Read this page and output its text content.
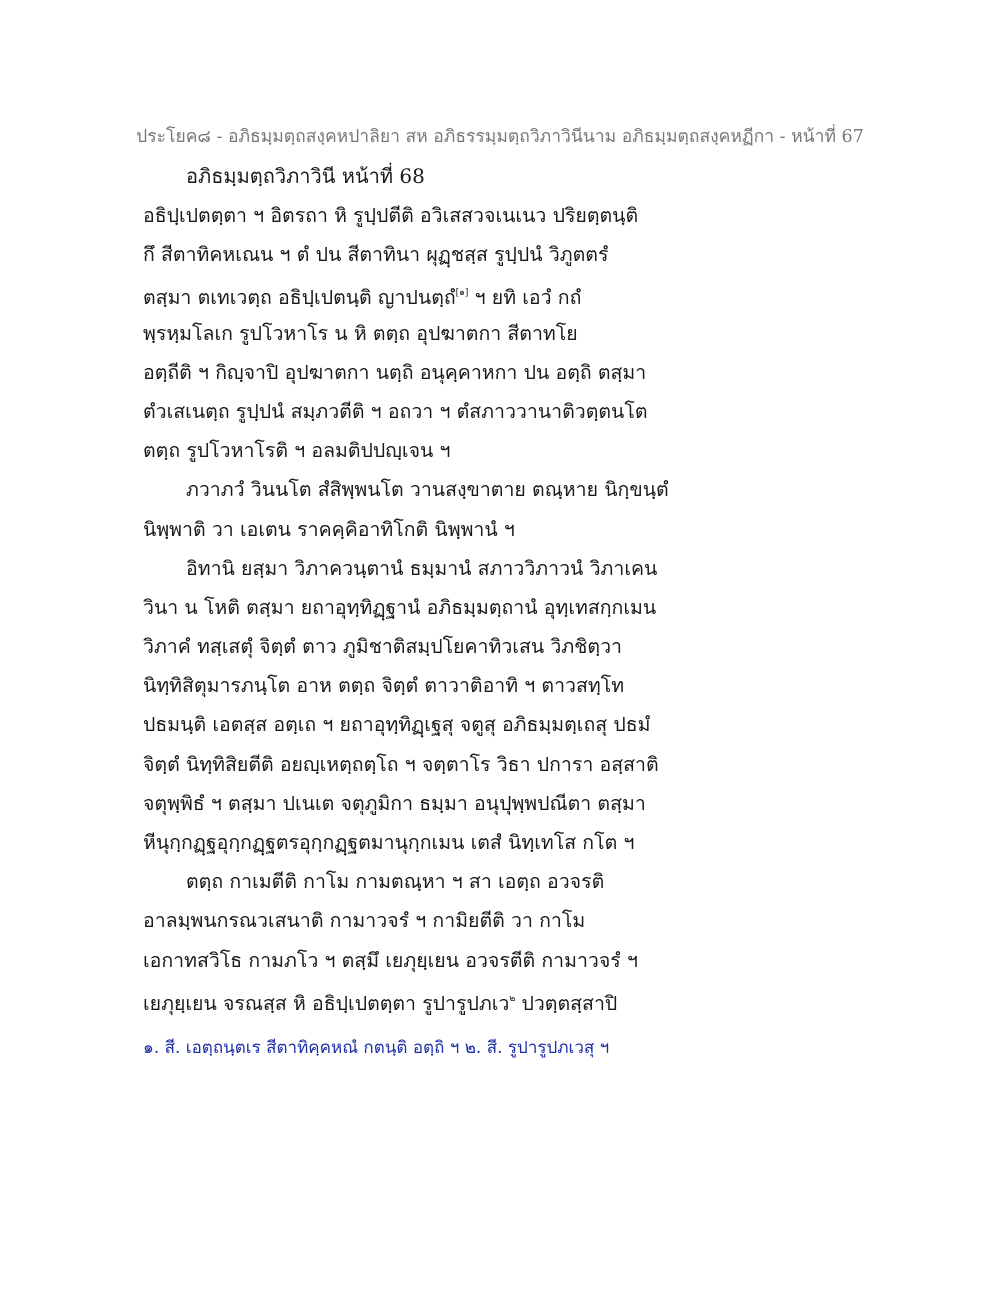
ประโยค๘ - อภิธมฺมตฺถสงฺคหปาลิยา สห อภิธรรมฺมตฺถวิภาวินีนาม อภิธมฺมตฺถสงฺคหฏีกา - หน้าที่ 67
อภิธมฺมตฺถวิภาวินี หน้าที่ 68
อธิปฺเปตตฺตา ฯ อิตรถา หิ รูปฺปตีติ อวิเสสวจเนเนว ปริยตฺตนฺติ
กึ สีตาทิคหเณน ฯ ตํ ปน สีตาทินา ผุฏฺชสฺส รูปฺปนํ วิภูตตรํ
ตสฺมา ตเทเวตฺถ อธิปฺเปตนฺติ ญาปนตฺถํ[๑] ฯ ยทิ เอวํ กถํ
พฺรหฺมโลเก รูปโวหาโร น หิ ตตฺถ อุปฆาตกา สีตาทโย
อตฺถีติ ฯ กิญฺจาปิ อุปฆาตกา นตฺถิ อนุคฺคาหกา ปน อตฺถิ ตสฺมา
ตํวเสเนตฺถ รูปฺปนํ สมฺภวตีติ ฯ อถวา ฯ ตํสภาววานาติวตฺตนโต
ตตฺถ รูปโวหาโรติ ฯ อลมติปปญฺเจน ฯ
ภวาภวํ วินนโต สํสิพฺพนโต วานสงฺขาตาย ตณฺหาย นิกฺขนฺตํ
นิพฺพาติ วา เอเตน ราคคฺคิอาทิโกติ นิพฺพานํ ฯ
อิทานิ ยสฺมา วิภาควนฺตานํ ธมฺมานํ สภาววิภาวนํ วิภาเคน
วินา น โหติ ตสฺมา ยถาอุทฺทิฏฺฐานํ อภิธมฺมตฺถานํ อุทฺเทสกฺกเมน
วิภาคํ ทสฺเสตุํ จิตฺตํ ตาว ภูมิชาติสมฺปโยคาทิวเสน วิภชิตฺวา
นิทฺทิสิตุมารภนฺโต อาห ตตฺถ จิตฺตํ ตาวาติอาทิ ฯ ตาวสทฺโท
ปธมนฺติ เอตสฺส อตฺเถ ฯ ยถาอุทฺทิฏฺเฐสุ จตูสุ อภิธมฺมตฺเถสุ ปธมํ
จิตฺตํ นิทฺทิสิยตีติ อยญฺเหตฺถตฺโถ ฯ จตฺตาโร วิธา ปการา อสฺสาติ
จตุพฺพิธํ ฯ ตสฺมา ปเนเต จตุภูมิกา ธมฺมา อนุปุพฺพปณีตา ตสฺมา
หีนุกฺกฏฺฐอุกฺกฏฺฐตรอุกฺกฏฺฐตมานุกฺกเมน เตสํ นิทฺเทโส กโต ฯ
ตตฺถ กาเมตีติ กาโม กามตณฺหา ฯ สา เอตฺถ อวจรติ
อาลมฺพนกรณวเสนาติ กามาวจรํ ฯ กามิยตีติ วา กาโม
เอกาทสวิโธ กามภโว ฯ ตสฺมึ เยภุยฺเยน อวจรตีติ กามาวจรํ ฯ
เยภุยฺเยน จรณสฺส หิ อธิปฺเปตตฺตา รูปารูปภเว$^๒$ ปวตฺตสฺสาปิ
๑. สี. เอตฺถนฺตเร สีตาทิคฺคหณํ กตนฺติ อตฺถิ ฯ ๒. สี. รูปารูปภเวสุ ฯ
